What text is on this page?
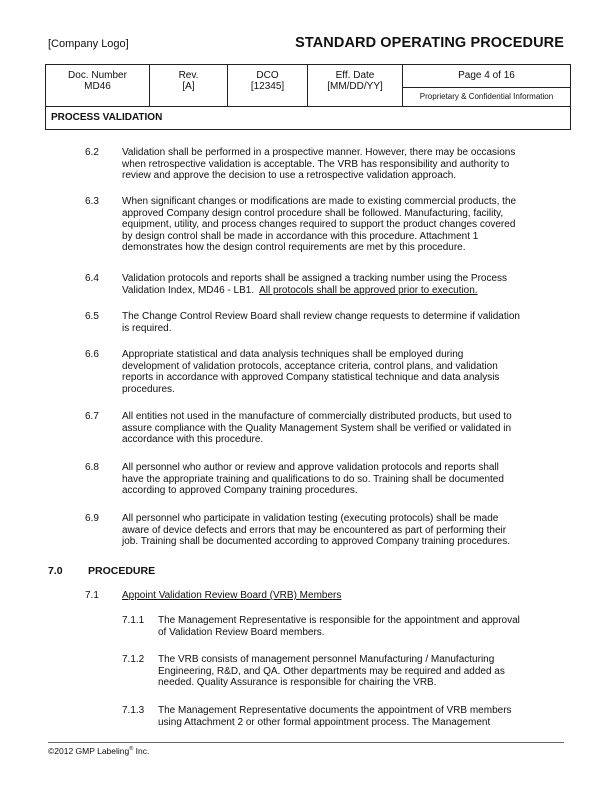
[Company Logo]	STANDARD OPERATING PROCEDURE
Doc. Number
MD46
Rev.
[A]
DCO
[12345]
Eff. Date
[MM/DD/YY]
Page 4 of 16
Proprietary & Confidential Information
PROCESS VALIDATION
6.2 Validation shall be performed in a prospective manner. However, there may be occasions
when retrospective validation is acceptable. The VRB has responsibility and authority to
review and approve the decision to use a retrospective validation approach.
6.3 When significant changes or modifications are made to existing commercial products, the
approved Company design control procedure shall be followed. Manufacturing, facility,
equipment, utility, and process changes required to support the product changes covered
by design control shall be made in accordance with this procedure. Attachment 1
demonstrates how the design control requirements are met by this procedure.
6.4 Validation protocols and reports shall be assigned a tracking number using the Process
Validation Index, MD46 - LB1.  All protocols shall be approved prior to execution.
6.5 The Change Control Review Board shall review change requests to determine if validation
is required.
6.6 Appropriate statistical and data analysis techniques shall be employed during
development of validation protocols, acceptance criteria, control plans, and validation
reports in accordance with approved Company statistical technique and data analysis
procedures.
6.7 All entities not used in the manufacture of commercially distributed products, but used to
assure compliance with the Quality Management System shall be verified or validated in
accordance with this procedure.
6.8 All personnel who author or review and approve validation protocols and reports shall
have the appropriate training and qualifications to do so. Training shall be documented
according to approved Company training procedures.
6.9 All personnel who participate in validation testing (executing protocols) shall be made
aware of device defects and errors that may be encountered as part of performing their
job. Training shall be documented according to approved Company training procedures.
7.0 PROCEDURE
7.1 Appoint Validation Review Board (VRB) Members
7.1.1 The Management Representative is responsible for the appointment and approval
of Validation Review Board members.
7.1.2 The VRB consists of management personnel Manufacturing / Manufacturing
Engineering, R&D, and QA. Other departments may be required and added as
needed. Quality Assurance is responsible for chairing the VRB.
7.1.3 The Management Representative documents the appointment of VRB members
using Attachment 2 or other formal appointment process. The Management
©2012 GMP Labeling® Inc.
